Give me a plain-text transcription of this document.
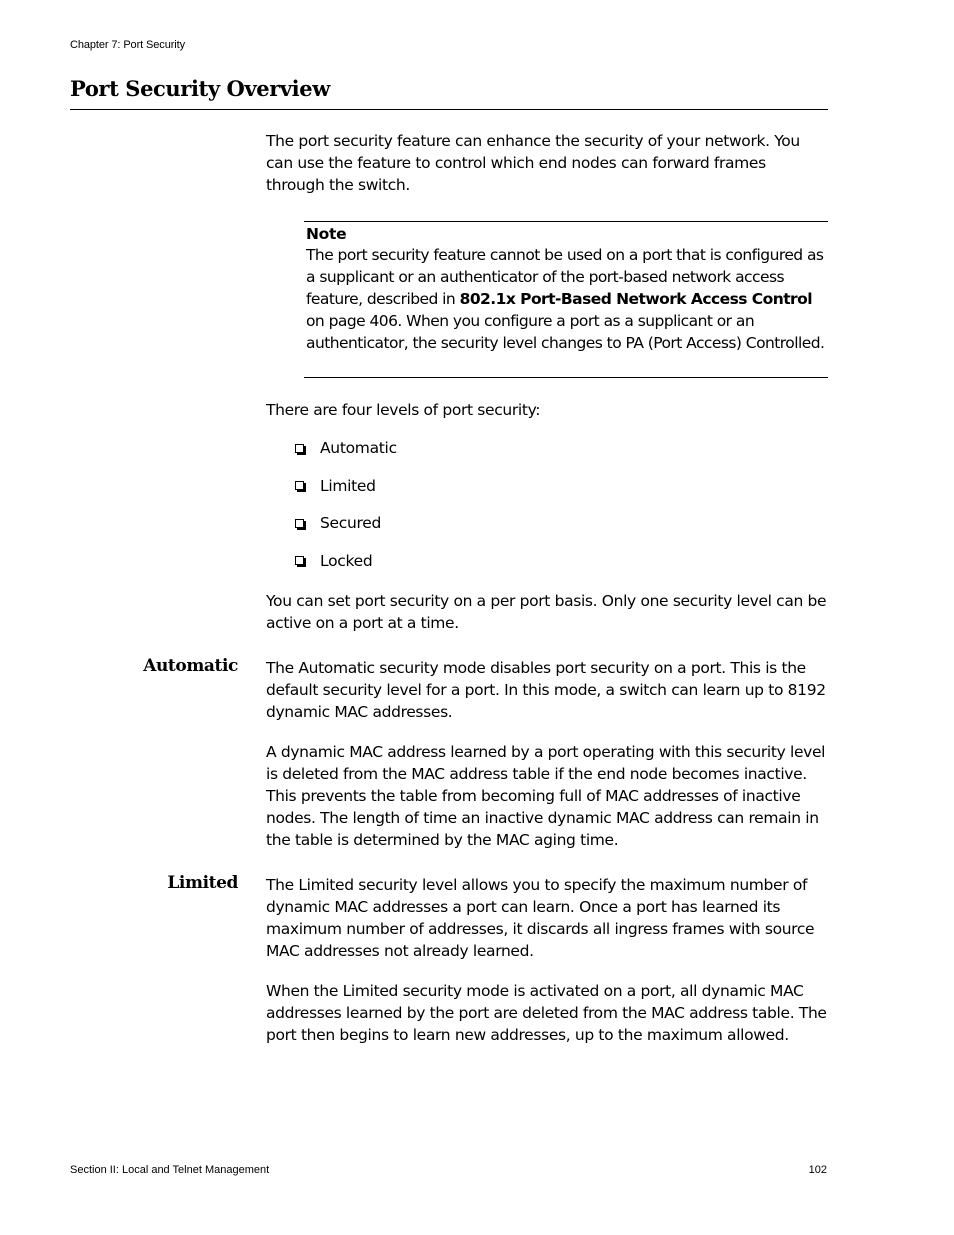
Chapter 7: Port Security
Port Security Overview

The port security feature can enhance the security of your network. You can use the feature to control which end nodes can forward frames through the switch.

Note

The port security feature cannot be used on a port that is configured as a supplicant or an authenticator of the port-based network access feature, described in 802.1x Port-Based Network Access Control on page 406. When you configure a port as a supplicant or an authenticator, the security level changes to PA (Port Access) Controlled.

There are four levels of port security:

Automatic
Limited
Secured
Locked

You can set port security on a per port basis. Only one security level can be active on a port at a time.

Automatic The Automatic security mode disables port security on a port. This is the default security level for a port. In this mode, a switch can learn up to 8192 dynamic MAC addresses.

A dynamic MAC address learned by a port operating with this security level is deleted from the MAC address table if the end node becomes inactive. This prevents the table from becoming full of MAC addresses of inactive nodes. The length of time an inactive dynamic MAC address can remain in the table is determined by the MAC aging time.

Limited The Limited security level allows you to specify the maximum number of dynamic MAC addresses a port can learn. Once a port has learned its maximum number of addresses, it discards all ingress frames with source MAC addresses not already learned.

When the Limited security mode is activated on a port, all dynamic MAC addresses learned by the port are deleted from the MAC address table. The port then begins to learn new addresses, up to the maximum allowed.

Section II: Local and Telnet Management	102
